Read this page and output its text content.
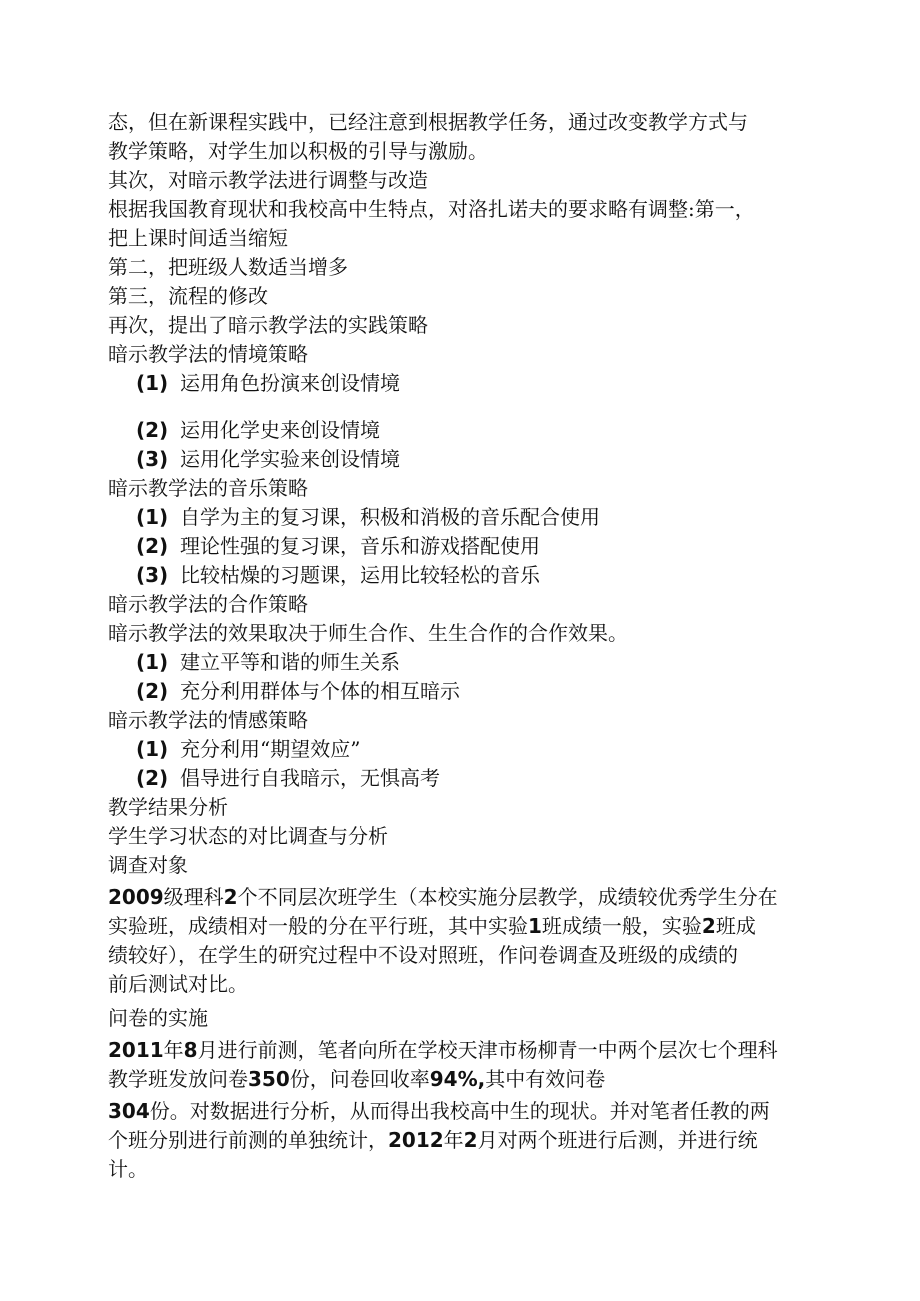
态，但在新课程实践中，已经注意到根据教学任务，通过改变教学方式与
教学策略，对学生加以积极的引导与激励。
其次，对暗示教学法进行调整与改造
根据我国教育现状和我校高中生特点，对洛扎诺夫的要求略有调整:第一，
把上课时间适当缩短
第二，把班级人数适当增多
第三，流程的修改
再次，提出了暗示教学法的实践策略
暗示教学法的情境策略
(1) 运用角色扮演来创设情境
(2) 运用化学史来创设情境
(3) 运用化学实验来创设情境
暗示教学法的音乐策略
(1) 自学为主的复习课，积极和消极的音乐配合使用
(2) 理论性强的复习课，音乐和游戏搭配使用
(3) 比较枯燥的习题课，运用比较轻松的音乐
暗示教学法的合作策略
暗示教学法的效果取决于师生合作、生生合作的合作效果。
(1) 建立平等和谐的师生关系
(2) 充分利用群体与个体的相互暗示
暗示教学法的情感策略
(1) 充分利用“期望效应”
(2) 倡导进行自我暗示，无惧高考
教学结果分析
学生学习状态的对比调查与分析
调查对象
2009级理科2个不同层次班学生（本校实施分层教学，成绩较优秀学生分在
实验班，成绩相对一般的分在平行班，其中实验1班成绩一般，实验2班成
绩较好），在学生的研究过程中不设对照班，作问卷调查及班级的成绩的
前后测试对比。
问卷的实施
2011年8月进行前测，笔者向所在学校天津市杨柳青一中两个层次七个理科
教学班发放问卷350份，问卷回收率94%,其中有效问卷
304份。对数据进行分析，从而得出我校高中生的现状。并对笔者任教的两
个班分别进行前测的单独统计，2012年2月对两个班进行后测，并进行统
计。
